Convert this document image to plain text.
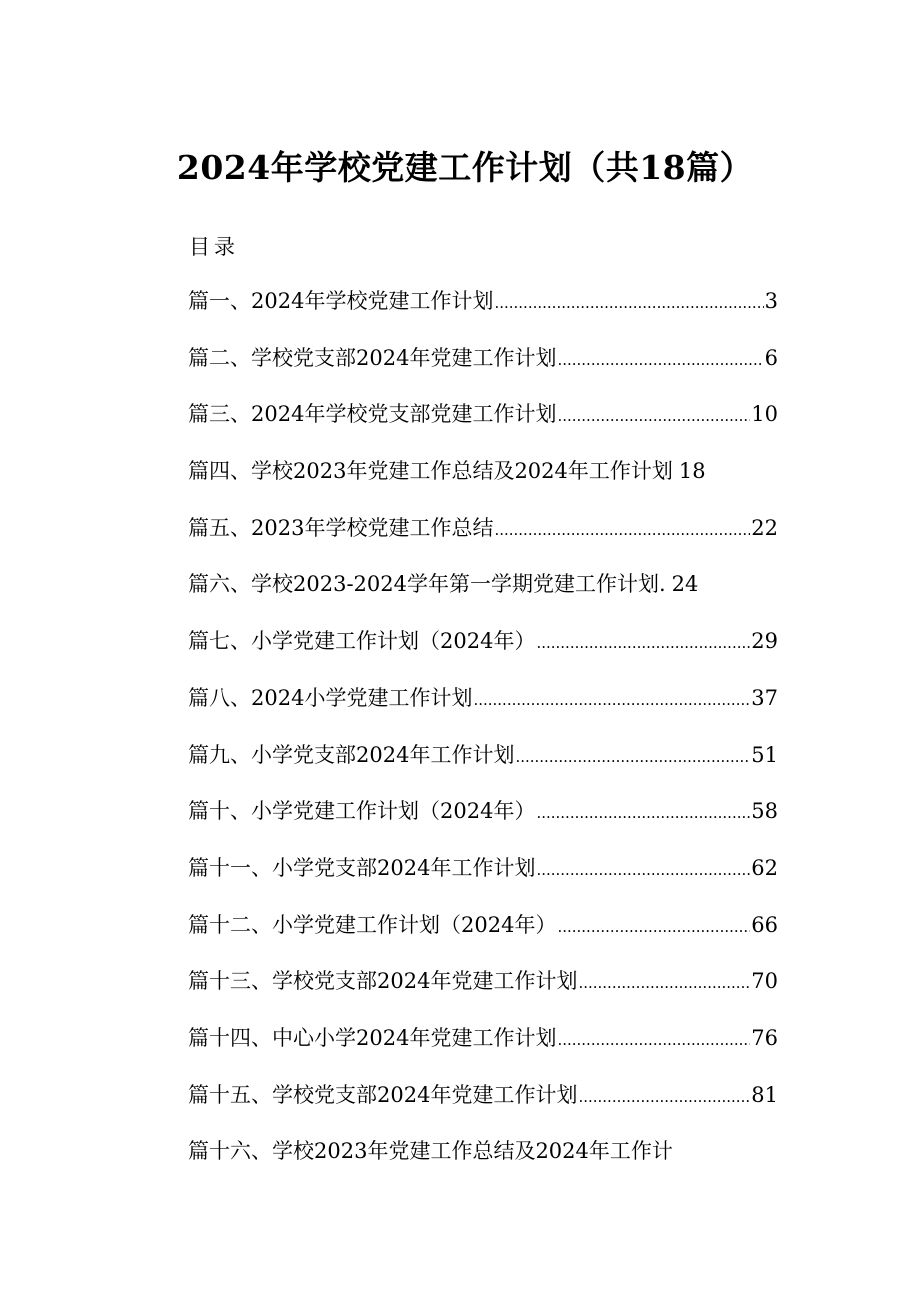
2024年学校党建工作计划（共18篇）
目录
篇一、2024年学校党建工作计划 .....	3
篇二、学校党支部2024年党建工作计划 .....	6
篇三、2024年学校党支部党建工作计划 .....	10
篇四、学校2023年党建工作总结及2024年工作计划 18
篇五、2023年学校党建工作总结 .....	22
篇六、学校2023-2024学年第一学期党建工作计划. 24
篇七、小学党建工作计划（2024年） .....	29
篇八、2024小学党建工作计划 .....	37
篇九、小学党支部2024年工作计划 .....	51
篇十、小学党建工作计划（2024年） .....	58
篇十一、小学党支部2024年工作计划 .....	62
篇十二、小学党建工作计划（2024年） .....	66
篇十三、学校党支部2024年党建工作计划 .....	70
篇十四、中心小学2024年党建工作计划 .....	76
篇十五、学校党支部2024年党建工作计划 .....	81
篇十六、学校2023年党建工作总结及2024年工作计
